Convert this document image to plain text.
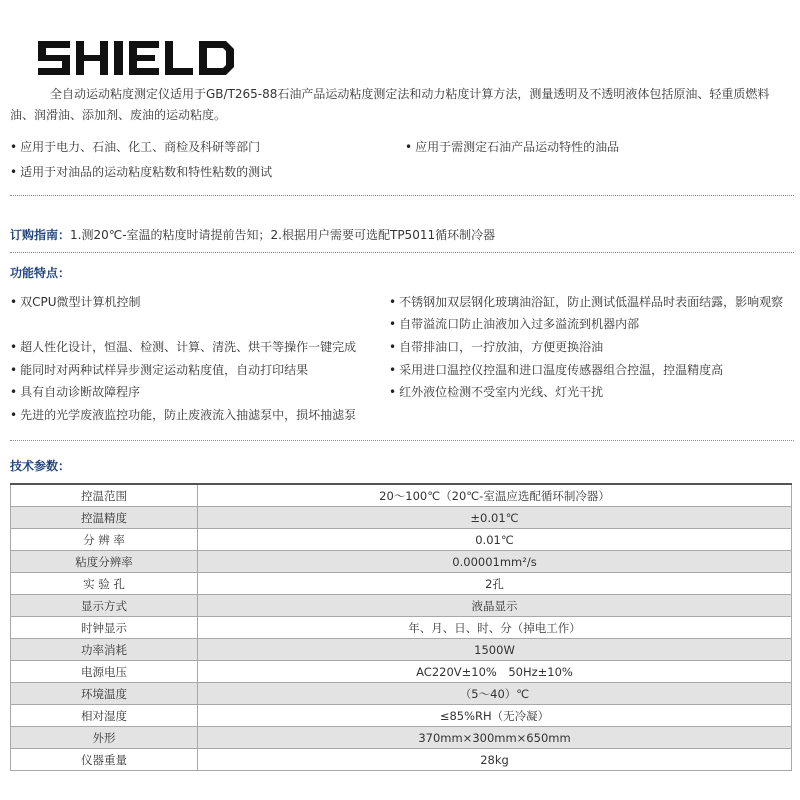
全自动运动粘度测定仪适用于GB/T265-88石油产品运动粘度测定法和动力粘度计算方法，测量透明及不透明液体包括原油、轻重质燃料
油、润滑油、添加剂、废油的运动粘度。
• 应用于电力、石油、化工、商检及科研等部门	• 应用于需测定石油产品运动特性的油品
• 适用于对油品的运动粘度粘数和特性粘数的测试
订购指南：1.测20℃-室温的粘度时请提前告知；2.根据用户需要可选配TP5011循环制冷器
功能特点：
• 双CPU微型计算机控制
• 超人性化设计，恒温、检测、计算、清洗、烘干等操作一键完成
• 能同时对两种试样异步测定运动粘度值，自动打印结果
• 具有自动诊断故障程序
• 先进的光学废液监控功能，防止废液流入抽滤泵中，损坏抽滤泵
• 不锈钢加双层钢化玻璃油浴缸，防止测试低温样品时表面结露，影响观察
• 自带溢流口防止油液加入过多溢流到机器内部
• 自带排油口，一拧放油，方便更换浴油
• 采用进口温控仪控温和进口温度传感器组合控温，控温精度高
• 红外液位检测不受室内光线、灯光干扰
技术参数：
控温范围	20～100℃（20℃-室温应选配循环制冷器）
控温精度	±0.01℃
分 辨 率	0.01℃
粘度分辨率	0.00001mm²/s
实 验 孔	2孔
显示方式	液晶显示
时钟显示	年、月、日、时、分（掉电工作）
功率消耗	1500W
电源电压	AC220V±10%　50Hz±10%
环境温度	（5～40）℃
相对湿度	≤85%RH（无冷凝）
外形	370mm×300mm×650mm
仪器重量	28kg
